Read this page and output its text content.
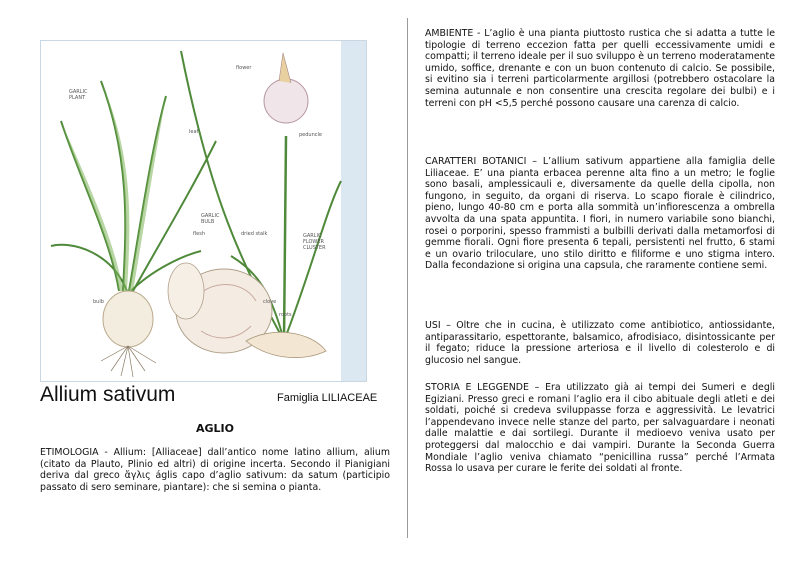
GARLIC
PLANT
leaf
flower
peduncle
GARLIC
BULB
flesh	dried stalk	GARLIC
FLOWER
CLUSTER
clove
bulb
roots
Allium sativum	Famiglia LILIACEAE
AGLIO
ETIMOLOGIA - Allium: [Alliaceae] dall’antico nome latino allium, alium (citato da Plauto, Plinio ed altri) di origine incerta. Secondo il Pianigiani deriva dal greco ἄγλις áglis capo d’aglio sativum: da satum (participio passato di sero seminare, piantare): che si semina o pianta.
AMBIENTE - L’aglio è una pianta piuttosto rustica che si adatta a tutte le tipologie di terreno eccezion fatta per quelli eccessivamente umidi e compatti; il terreno ideale per il suo sviluppo è un terreno moderatamente umido, soffice, drenante e con un buon contenuto di calcio. Se possibile, si evitino sia i terreni particolarmente argillosi (potrebbero ostacolare la semina autunnale e non consentire una crescita regolare dei bulbi) e i terreni con pH <5,5 perché possono causare una carenza di calcio.
CARATTERI BOTANICI – L’allium sativum appartiene alla famiglia delle Liliaceae. E’ una pianta erbacea perenne alta fino a un metro; le foglie sono basali, amplessicauli e, diversamente da quelle della cipolla, non fungono, in seguito, da organi di riserva. Lo scapo fiorale è cilindrico, pieno, lungo 40-80 cm e porta alla sommità un’infiorescenza a ombrella avvolta da una spata appuntita. I fiori, in numero variabile sono bianchi, rosei o porporini, spesso frammisti a bulbilli derivati dalla metamorfosi di gemme fiorali. Ogni fiore presenta 6 tepali, persistenti nel frutto, 6 stami e un ovario triloculare, uno stilo diritto e filiforme e uno stigma intero. Dalla fecondazione si origina una capsula, che raramente contiene semi.
USI – Oltre che in cucina, è utilizzato come antibiotico, antiossidante, antiparassitario, espettorante, balsamico, afrodisiaco, disintossicante per il fegato; riduce la pressione arteriosa e il livello di colesterolo e di glucosio nel sangue.
STORIA E LEGGENDE – Era utilizzato già ai tempi dei Sumeri e degli Egiziani. Presso greci e romani l’aglio era il cibo abituale degli atleti e dei soldati, poiché si credeva sviluppasse forza e aggressività. Le levatrici l’appendevano invece nelle stanze del parto, per salvaguardare i neonati dalle malattie e dai sortilegi. Durante il medioevo veniva usato per proteggersi dal malocchio e dai vampiri. Durante la Seconda Guerra Mondiale l’aglio veniva chiamato “penicillina russa” perché l’Armata Rossa lo usava per curare le ferite dei soldati al fronte.
